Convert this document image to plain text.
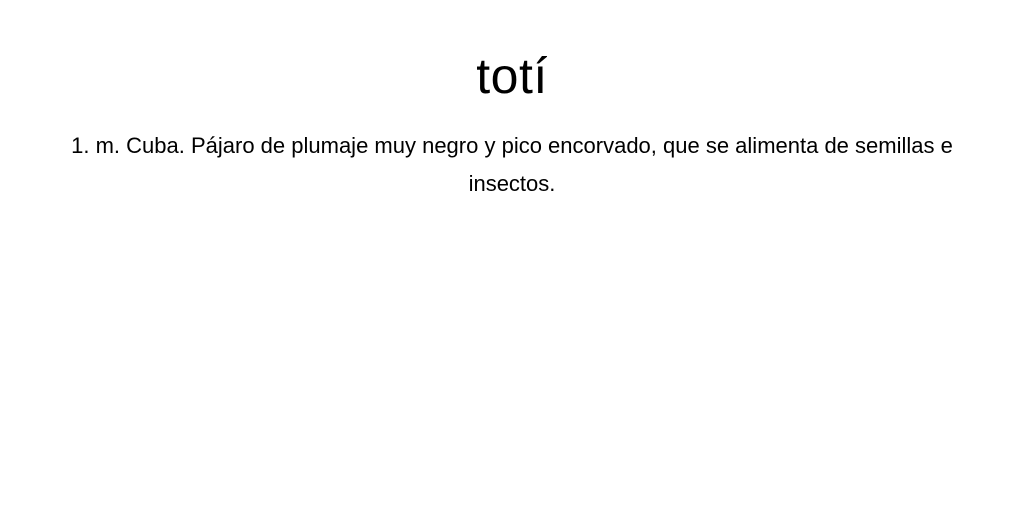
totí

1. m. Cuba. Pájaro de plumaje muy negro y pico encorvado, que se alimenta de semillas e insectos.
